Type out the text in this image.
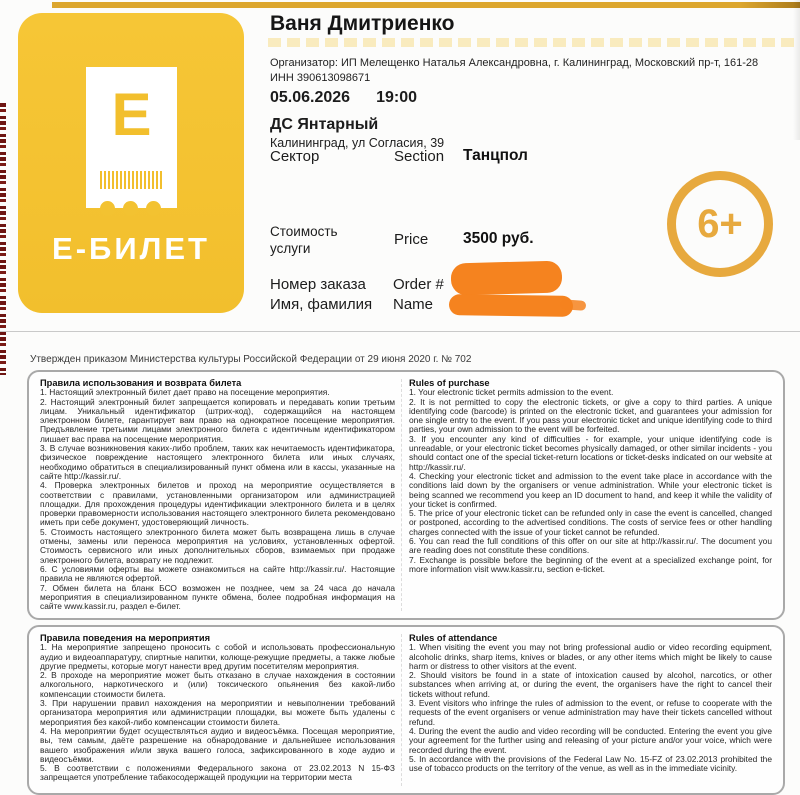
E
Е-БИЛЕТ
Ваня Дмитриенко
Организатор: ИП Мелещенко Наталья Александровна, г. Калининград, Московский пр-т, 161-28
ИНН 390613098671
05.06.2026 19:00
ДС Янтарный
Калининград, ул Согласия, 39
Сектор	Section Танцпол
Стоимость
услуги
Price 3500 руб.
Номер заказа Order #
Имя, фамилия Name
6+
Утвержден приказом Министерства культуры Российской Федерации от 29 июня 2020 г. № 702

Правила использования и возврата билета

1. Настоящий электронный билет дает право на посещение мероприятия.

2. Настоящий электронный билет запрещается копировать и передавать копии третьим лицам. Уникальный идентификатор (штрих-код), содержащийся на настоящем электронном билете, гарантирует вам право на однократное посещение мероприятия. Предъявление третьими лицами электронного билета с идентичным идентификатором лишает вас права на посещение мероприятия.

3. В случае возникновения каких-либо проблем, таких как нечитаемость идентификатора, физическое повреждение настоящего электронного билета или иных случаях, необходимо обратиться в специализированный пункт обмена или в кассы, указанные на сайте http://kassir.ru/.

4. Проверка электронных билетов и проход на мероприятие осуществляется в соответствии с правилами, установленными организатором или администрацией площадки. Для прохождения процедуры идентификации электронного билета и в целях проверки правомерности использования настоящего электронного билета рекомендовано иметь при себе документ, удостоверяющий личность.

5. Стоимость настоящего электронного билета может быть возвращена лишь в случае отмены, замены или переноса мероприятия на условиях, установленных офертой. Стоимость сервисного или иных дополнительных сборов, взимаемых при продаже электронного билета, возврату не подлежит.

6. С условиями оферты вы можете ознакомиться на сайте http://kassir.ru/. Настоящие правила не являются офертой.

7. Обмен билета на бланк БСО возможен не позднее, чем за 24 часа до начала мероприятия в специализированном пункте обмена, более подробная информация на сайте www.kassir.ru, раздел е-билет.

Rules of purchase

1. Your electronic ticket permits admission to the event.

2. It is not permitted to copy the electronic tickets, or give a copy to third parties. A unique identifying code (barcode) is printed on the electronic ticket, and guarantees your admission for one single entry to the event. If you pass your electronic ticket and unique identifying code to third parties, your own admission to the event will be forfeited.

3. If you encounter any kind of difficulties - for example, your unique identifying code is unreadable, or your electronic ticket becomes physically damaged, or other similar incidents - you should contact one of the special ticket-return locations or ticket-desks indicated on our website at http://kassir.ru/.

4. Checking your electronic ticket and admission to the event take place in accordance with the conditions laid down by the organisers or venue administration. While your electronic ticket is being scanned we recommend you keep an ID document to hand, and keep it while the validity of your ticket is confirmed.

5. The price of your electronic ticket can be refunded only in case the event is cancelled, changed or postponed, according to the advertised conditions. The costs of service fees or other handling charges connected with the issue of your ticket cannot be refunded.

6. You can read the full conditions of this offer on our site at http://kassir.ru/. The document you are reading does not constitute these conditions.

7. Exchange is possible before the beginning of the event at a specialized exchange point, for more information visit www.kassir.ru, section e-ticket.

Правила поведения на мероприятия

1. На мероприятие запрещено проносить с собой и использовать профессиональную аудио и видеоаппаратуру, спиртные напитки, колюще-режущие предметы, а также любые другие предметы, которые могут нанести вред другим посетителям мероприятия.

2. В проходе на мероприятие может быть отказано в случае нахождения в состоянии алкогольного, наркотического и (или) токсического опьянения без какой-либо компенсации стоимости билета.

3. При нарушении правил нахождения на мероприятии и невыполнении требований организатора мероприятия или администрации площадки, вы можете быть удалены с мероприятия без какой-либо компенсации стоимости билета.

4. На мероприятии будет осуществляться аудио и видеосъёмка. Посещая мероприятие, вы, тем самым, даёте разрешение на обнародование и дальнейшее использования вашего изображения и/или звука вашего голоса, зафиксированного в ходе аудио и видеосъёмки.

5. В соответствии с положениями Федерального закона от 23.02.2013 N 15-ФЗ запрещается употребление табакосодержащей продукции на территории места

Rules of attendance

1. When visiting the event you may not bring professional audio or video recording equipment, alcoholic drinks, sharp items, knives or blades, or any other items which might be likely to cause harm or distress to other visitors at the event.

2. Should visitors be found in a state of intoxication caused by alcohol, narcotics, or other substances when arriving at, or during the event, the organisers have the right to cancel their tickets without refund.

3. Event visitors who infringe the rules of admission to the event, or refuse to cooperate with the requests of the event organisers or venue administration may have their tickets cancelled without refund.

4. During the event the audio and video recording will be conducted. Entering the event you give your agreement for the further using and releasing of your picture and/or your voice, which were recorded during the event.

5. In accordance with the provisions of the Federal Law No. 15-FZ of 23.02.2013 prohibited the use of tobacco products on the territory of the venue, as well as in the immediate vicinity.
